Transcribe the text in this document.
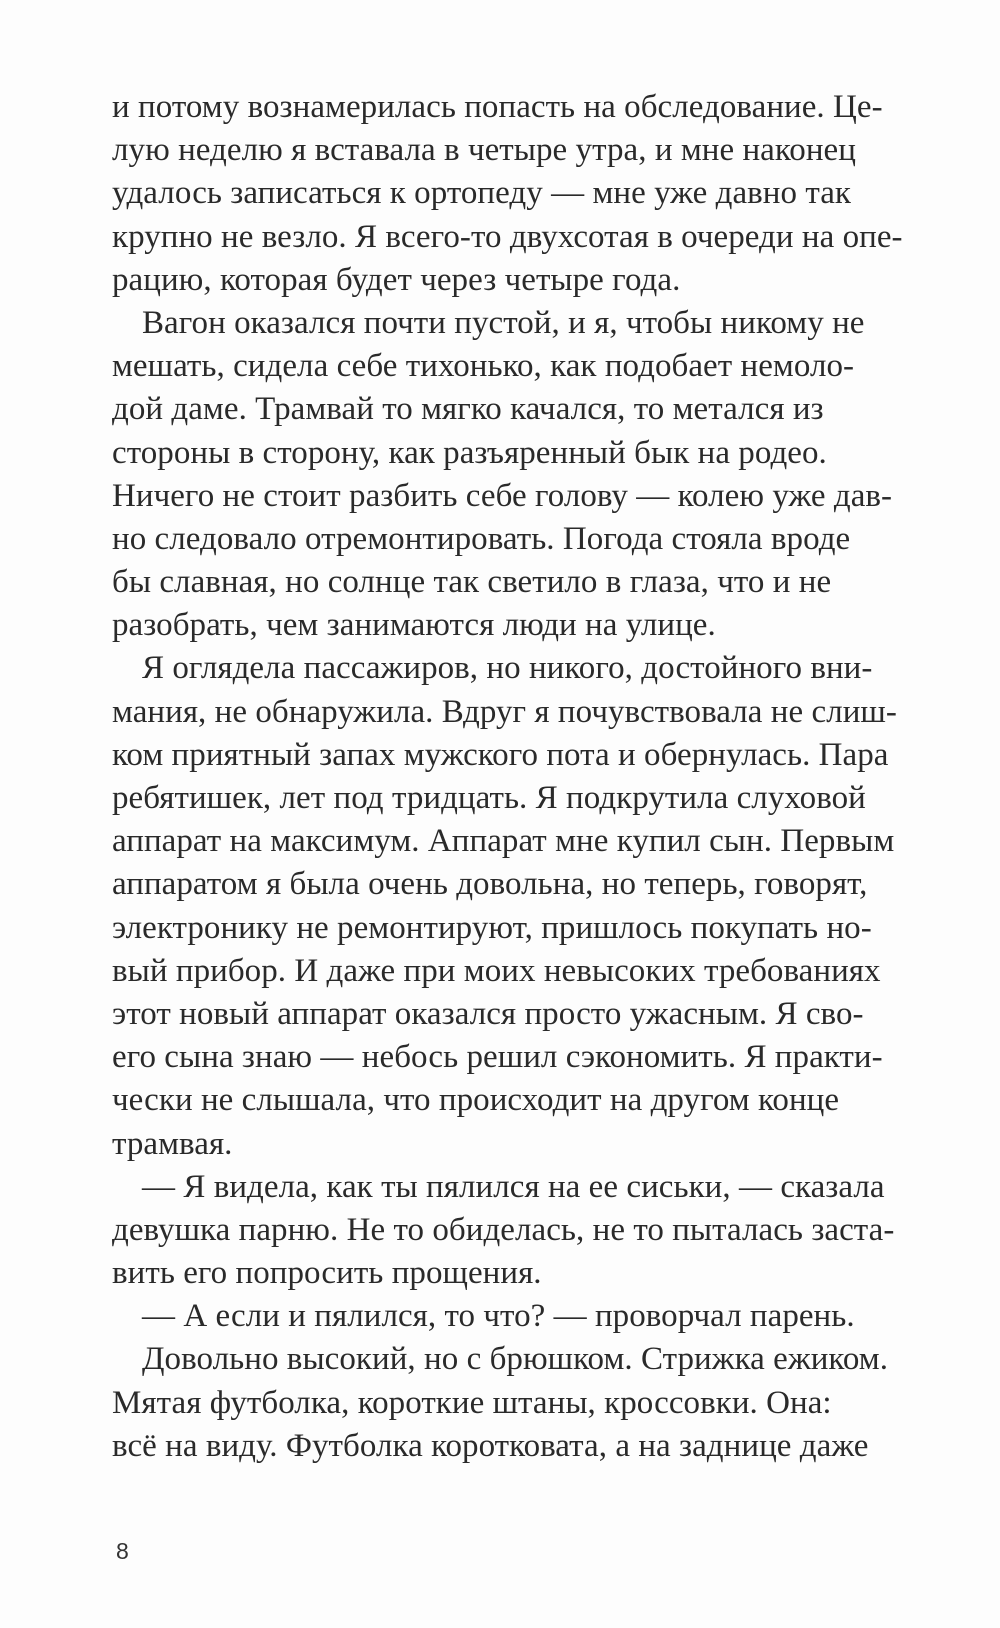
и потому вознамерилась попасть на обследование. Це-
лую неделю я вставала в четыре утра, и мне наконец
удалось записаться к ортопеду — мне уже давно так
крупно не везло. Я всего-то двухсотая в очереди на опе-
рацию, которая будет через четыре года.
Вагон оказался почти пустой, и я, чтобы никому не
мешать, сидела себе тихонько, как подобает немоло-
дой даме. Трамвай то мягко качался, то метался из
стороны в сторону, как разъяренный бык на родео.
Ничего не стоит разбить себе голову — колею уже дав-
но следовало отремонтировать. Погода стояла вроде
бы славная, но солнце так светило в глаза, что и не
разобрать, чем занимаются люди на улице.
Я оглядела пассажиров, но никого, достойного вни-
мания, не обнаружила. Вдруг я почувствовала не слиш-
ком приятный запах мужского пота и обернулась. Пара
ребятишек, лет под тридцать. Я подкрутила слуховой
аппарат на максимум. Аппарат мне купил сын. Первым
аппаратом я была очень довольна, но теперь, говорят,
электронику не ремонтируют, пришлось покупать но-
вый прибор. И даже при моих невысоких требованиях
этот новый аппарат оказался просто ужасным. Я сво-
его сына знаю — небось решил сэкономить. Я практи-
чески не слышала, что происходит на другом конце
трамвая.
— Я видела, как ты пялился на ее сиськи, — сказала
девушка парню. Не то обиделась, не то пыталась заста-
вить его попросить прощения.
— А если и пялился, то что? — проворчал парень.
Довольно высокий, но с брюшком. Стрижка ежиком.
Мятая футболка, короткие штаны, кроссовки. Она:
всё на виду. Футболка коротковата, а на заднице даже
8
